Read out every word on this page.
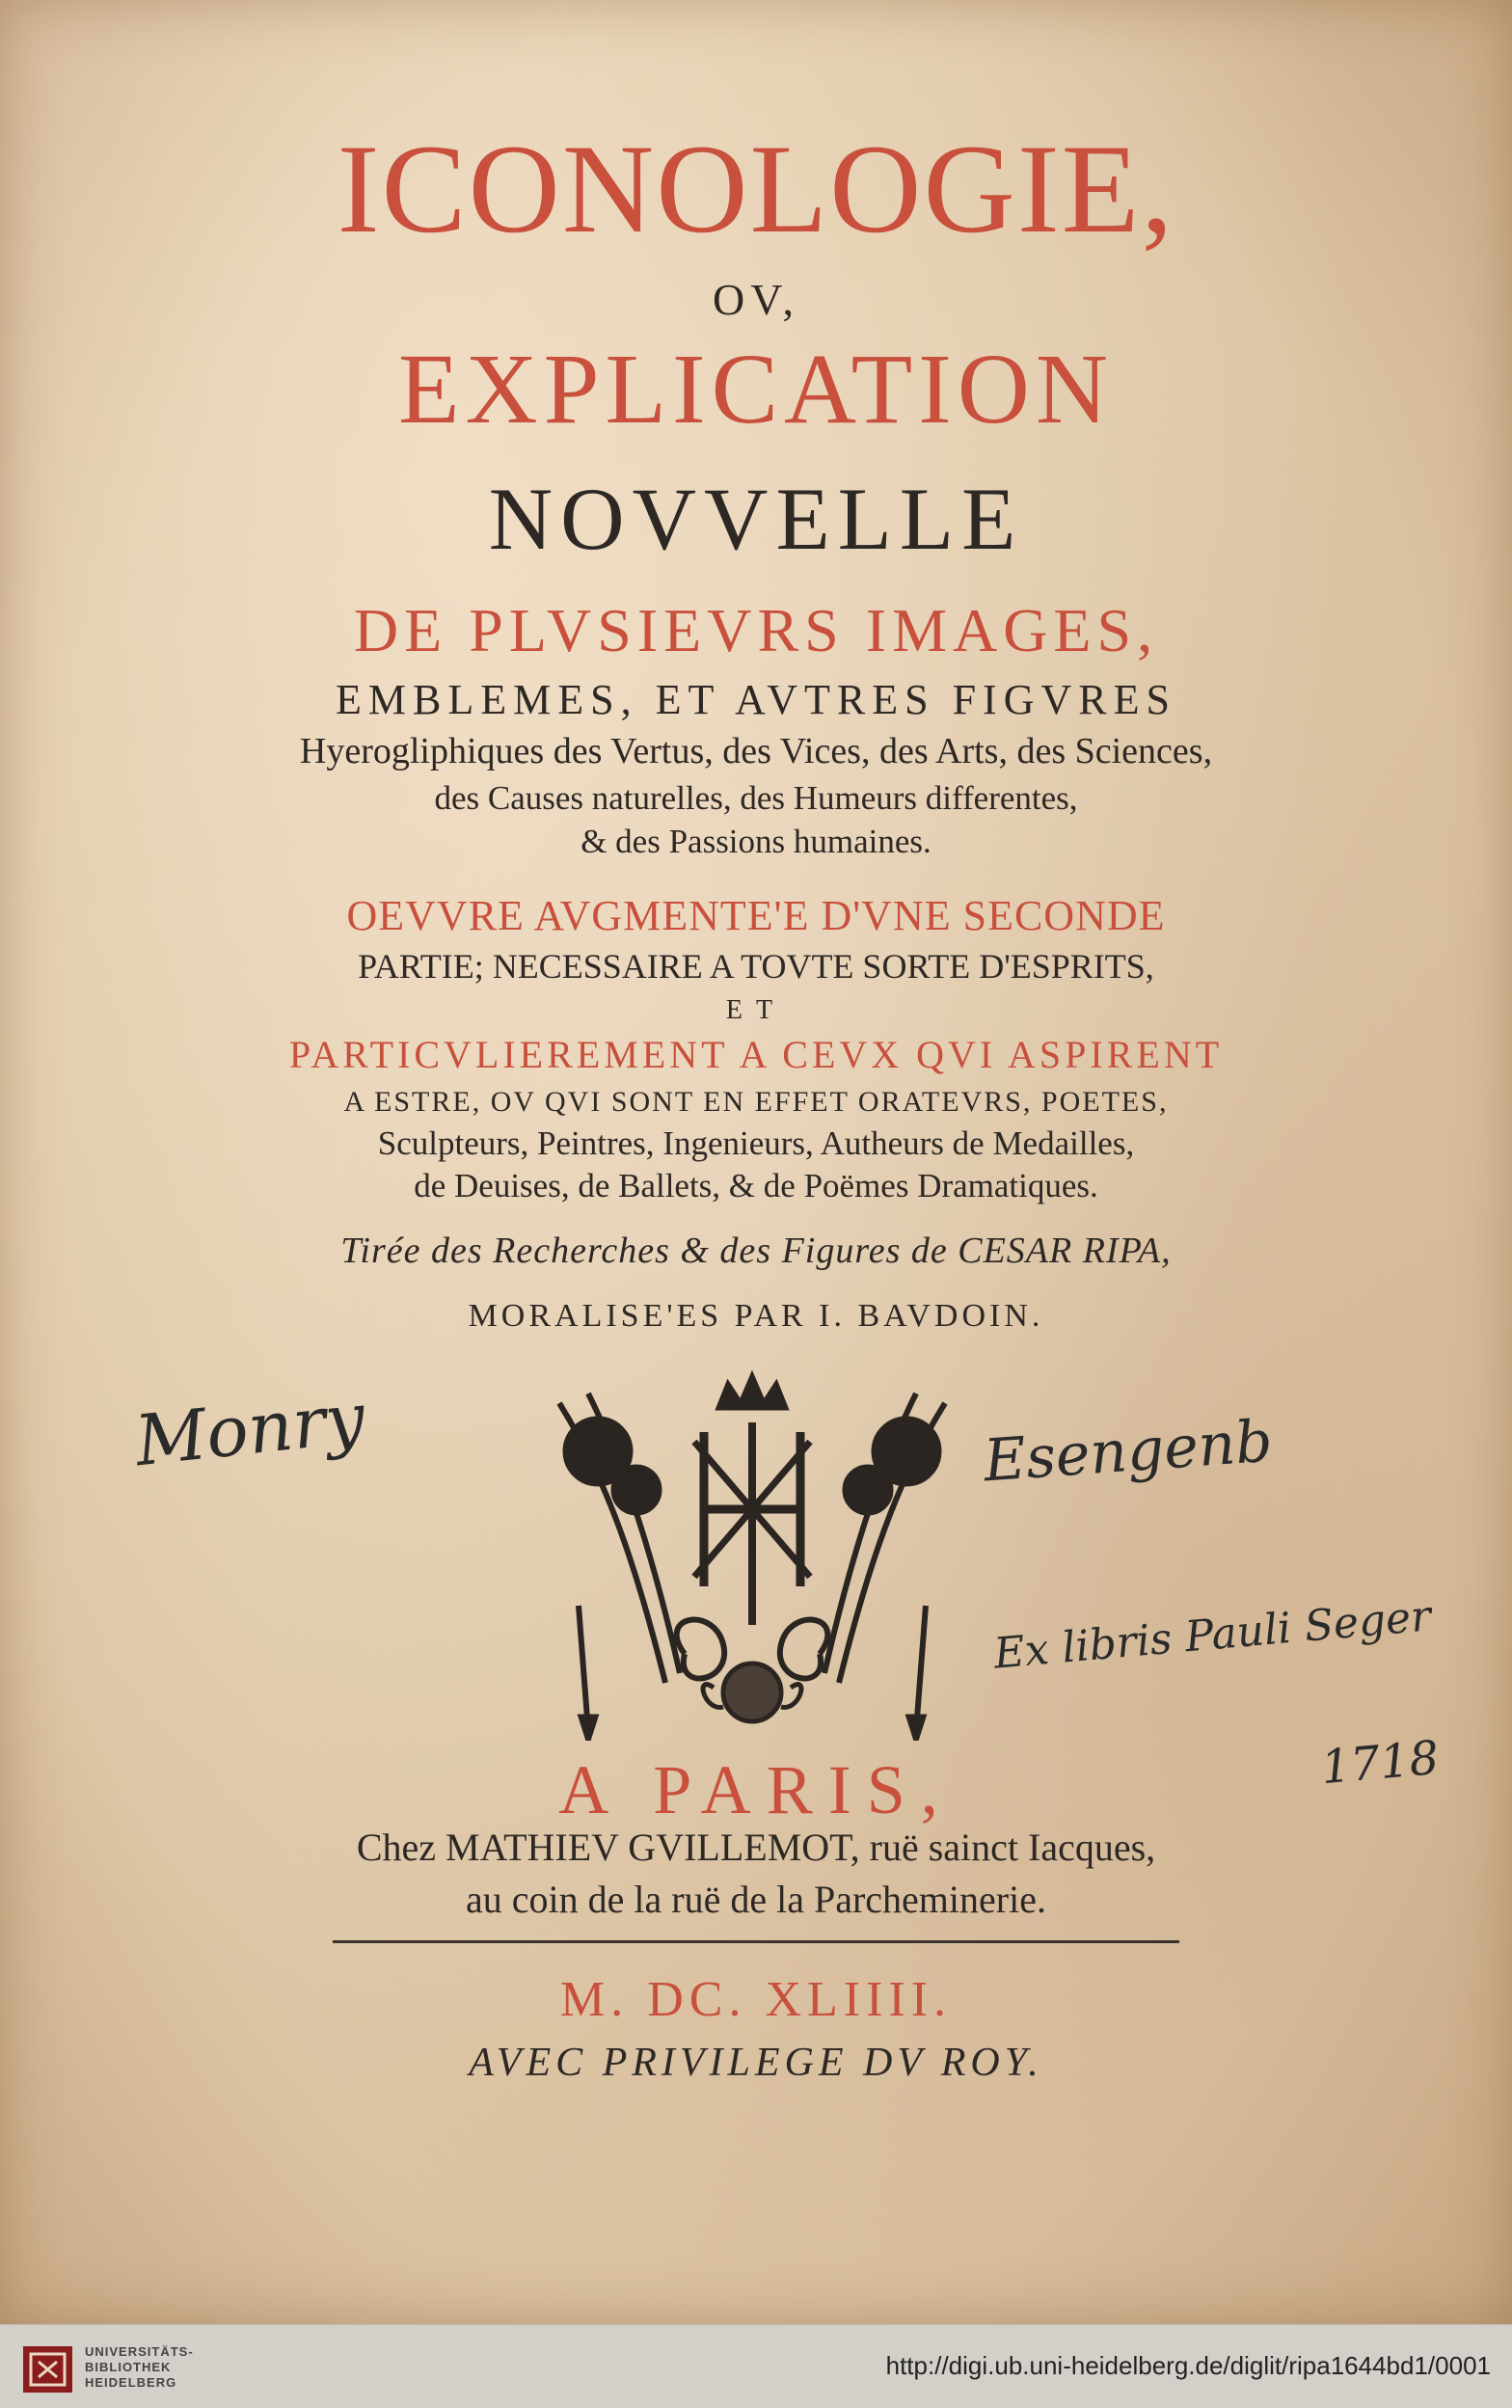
ICONOLOGIE,
OV,
EXPLICATION
NOVVELLE
DE PLVSIEVRS IMAGES,
EMBLEMES, ET AVTRES FIGVRES
Hyerogliphiques des Vertus, des Vices, des Arts, des Sciences,
des Causes naturelles, des Humeurs differentes,
& des Passions humaines.
OEVVRE AVGMENTE'E D'VNE SECONDE
PARTIE; NECESSAIRE A TOVTE SORTE D'ESPRITS,
ET
PARTICVLIEREMENT A CEVX QVI ASPIRENT
A ESTRE, OV QVI SONT EN EFFET ORATEVRS, POETES,
Sculpteurs, Peintres, Ingenieurs, Autheurs de Medailles,
de Deuises, de Ballets, & de Poëmes Dramatiques.
Tirée des Recherches & des Figures de CESAR RIPA,
MORALISE'ES PAR I. BAVDOIN.
Monry	Esengenb
Ex libris Pauli Seger
1718
A PARIS,
Chez MATHIEV GVILLEMOT, ruë sainct Iacques,
au coin de la ruë de la Parcheminerie.
M. DC. XLIIII.
AVEC PRIVILEGE DV ROY.
UNIVERSITÄTS-
BIBLIOTHEK
HEIDELBERG
http://digi.ub.uni-heidelberg.de/diglit/ripa1644bd1/0001
